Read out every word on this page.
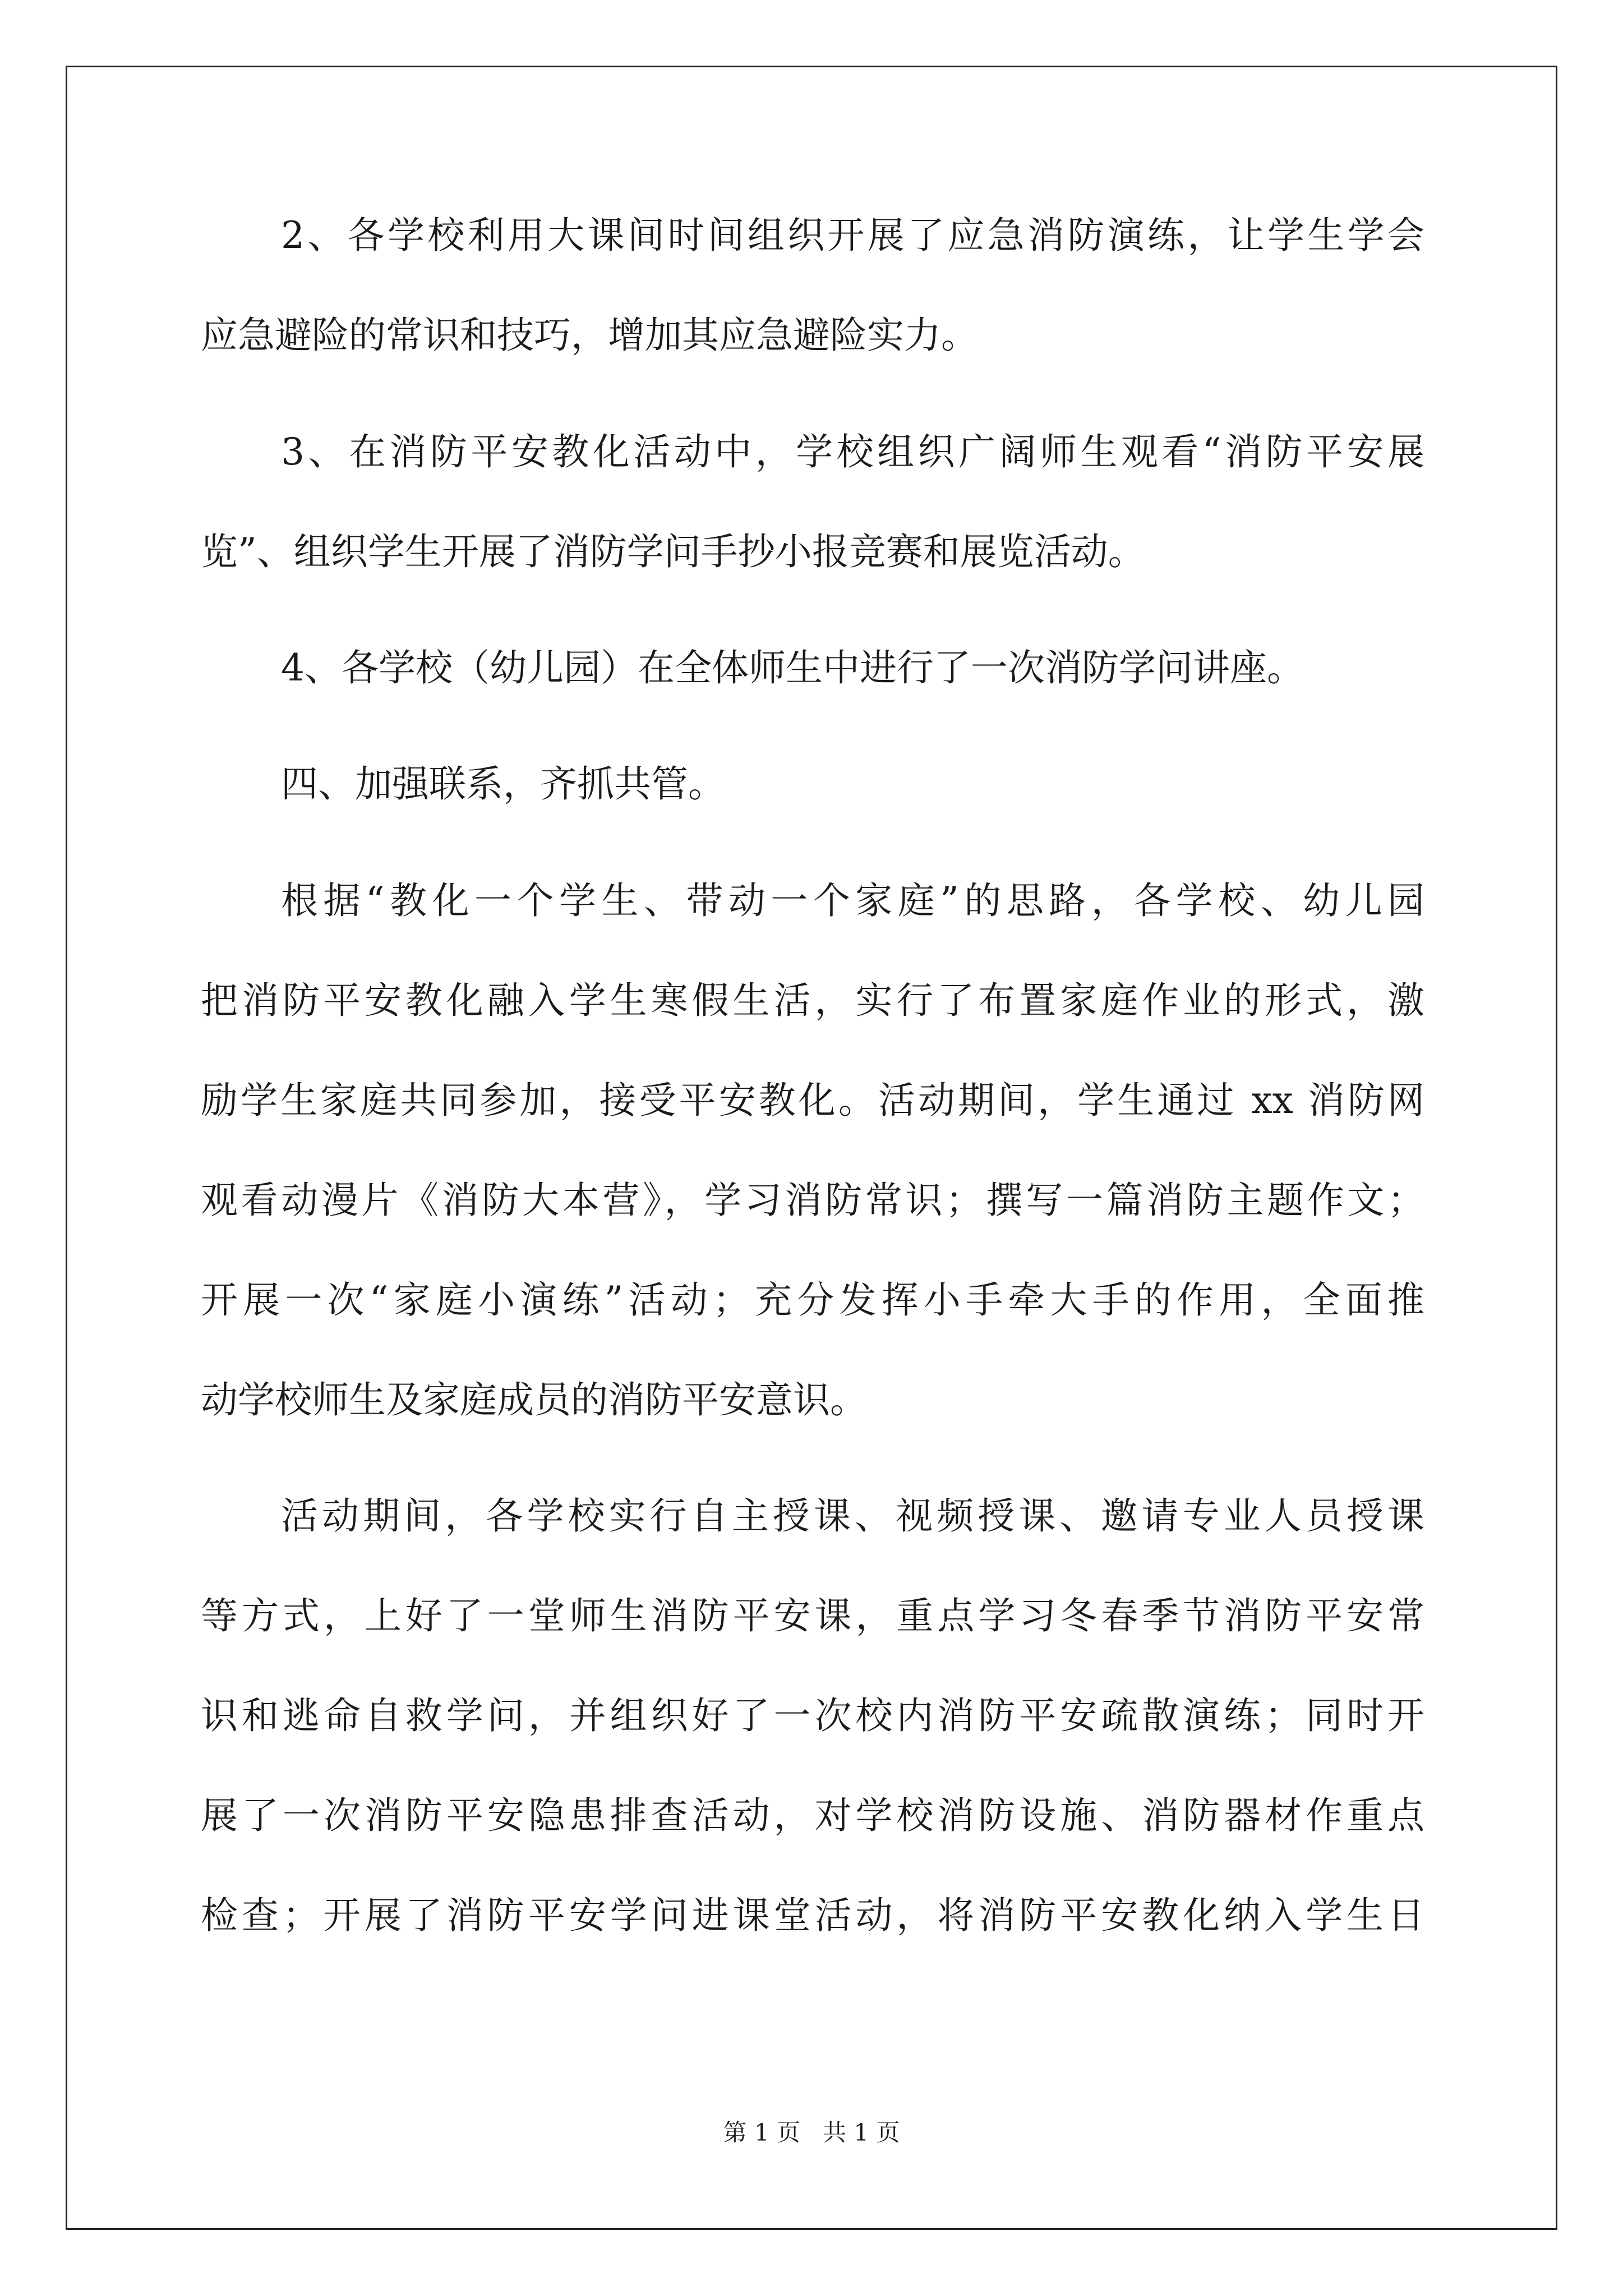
2、各学校利用大课间时间组织开展了应急消防演练，让学生学会
应急避险的常识和技巧，增加其应急避险实力。
3、在消防平安教化活动中，学校组织广阔师生观看“消防平安展
览”、组织学生开展了消防学问手抄小报竞赛和展览活动。
4、各学校（幼儿园）在全体师生中进行了一次消防学问讲座。
四、加强联系，齐抓共管。
根据“教化一个学生、带动一个家庭”的思路，各学校、幼儿园
把消防平安教化融入学生寒假生活，实行了布置家庭作业的形式，激
励学生家庭共同参加，接受平安教化。活动期间，学生通过 xx 消防网
观看动漫片《消防大本营》，学习消防常识；撰写一篇消防主题作文；
开展一次“家庭小演练”活动；充分发挥小手牵大手的作用，全面推
动学校师生及家庭成员的消防平安意识。
活动期间，各学校实行自主授课、视频授课、邀请专业人员授课
等方式，上好了一堂师生消防平安课，重点学习冬春季节消防平安常
识和逃命自救学问，并组织好了一次校内消防平安疏散演练；同时开
展了一次消防平安隐患排查活动，对学校消防设施、消防器材作重点
检查；开展了消防平安学问进课堂活动，将消防平安教化纳入学生日
第 1 页 共 1 页
